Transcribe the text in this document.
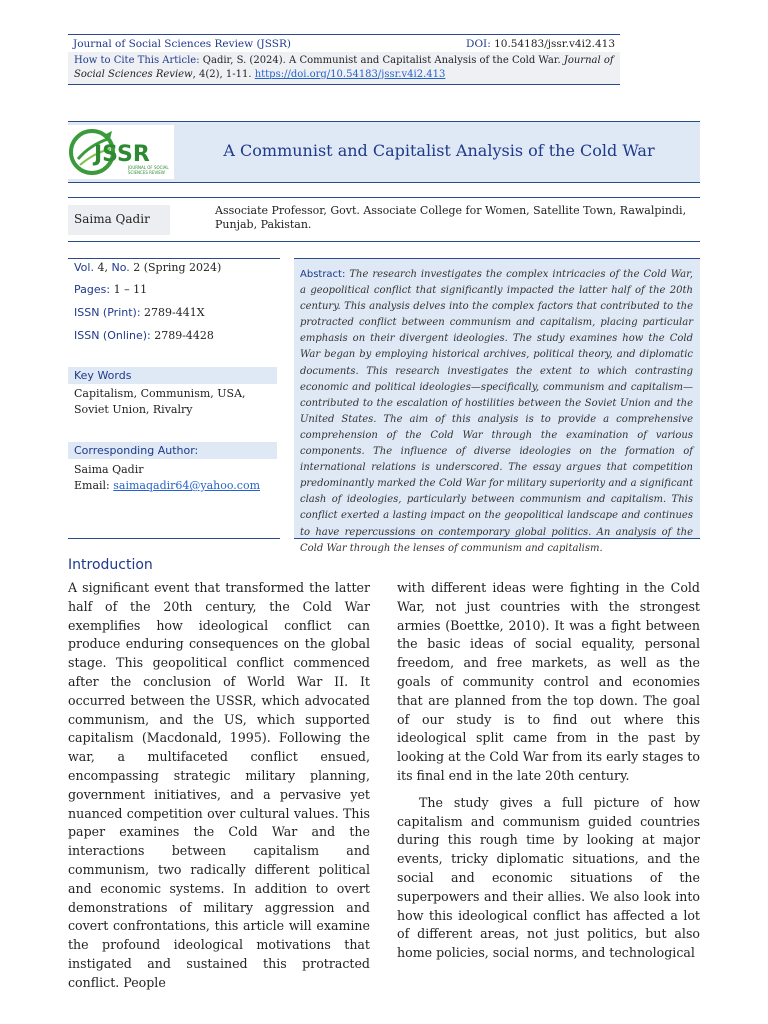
Journal of Social Sciences Review (JSSR)	DOI: 10.54183/jssr.v4i2.413

How to Cite This Article: Qadir, S. (2024). A Communist and Capitalist Analysis of the Cold War. Journal of Social Sciences Review, 4(2), 1-11. https://doi.org/10.54183/jssr.v4i2.413

JSSR
JOURNAL OF SOCIAL
SCIENCES REVIEW
A Communist and Capitalist Analysis of the Cold War
Saima Qadir
Associate Professor, Govt. Associate College for Women, Satellite Town, Rawalpindi, Punjab, Pakistan.
Vol. 4, No. 2 (Spring 2024)
Pages: 1 – 11
ISSN (Print): 2789-441X
ISSN (Online): 2789-4428
Key Words
Capitalism, Communism, USA, Soviet Union, Rivalry
Corresponding Author:
Saima Qadir
Email: saimaqadir64@yahoo.com

Abstract: The research investigates the complex intricacies of the Cold War, a geopolitical conflict that significantly impacted the latter half of the 20th century. This analysis delves into the complex factors that contributed to the protracted conflict between communism and capitalism, placing particular emphasis on their divergent ideologies. The study examines how the Cold War began by employing historical archives, political theory, and diplomatic documents. This research investigates the extent to which contrasting economic and political ideologies—specifically, communism and capitalism—contributed to the escalation of hostilities between the Soviet Union and the United States. The aim of this analysis is to provide a comprehensive comprehension of the Cold War through the examination of various components. The influence of diverse ideologies on the formation of international relations is underscored. The essay argues that competition predominantly marked the Cold War for military superiority and a significant clash of ideologies, particularly between communism and capitalism. This conflict exerted a lasting impact on the geopolitical landscape and continues to have repercussions on contemporary global politics. An analysis of the Cold War through the lenses of communism and capitalism.

Introduction

A significant event that transformed the latter half of the 20th century, the Cold War exemplifies how ideological conflict can produce enduring consequences on the global stage. This geopolitical conflict commenced after the conclusion of World War II. It occurred between the USSR, which advocated communism, and the US, which supported capitalism (Macdonald, 1995). Following the war, a multifaceted conflict ensued, encompassing strategic military planning, government initiatives, and a pervasive yet nuanced competition over cultural values. This paper examines the Cold War and the interactions between capitalism and communism, two radically different political and economic systems. In addition to overt demonstrations of military aggression and covert confrontations, this article will examine the profound ideological motivations that instigated and sustained this protracted conflict. People

with different ideas were fighting in the Cold War, not just countries with the strongest armies (Boettke, 2010). It was a fight between the basic ideas of social equality, personal freedom, and free markets, as well as the goals of community control and economies that are planned from the top down. The goal of our study is to find out where this ideological split came from in the past by looking at the Cold War from its early stages to its final end in the late 20th century.

The study gives a full picture of how capitalism and communism guided countries during this rough time by looking at major events, tricky diplomatic situations, and the social and economic situations of the superpowers and their allies. We also look into how this ideological conflict has affected a lot of different areas, not just politics, but also home policies, social norms, and technological
